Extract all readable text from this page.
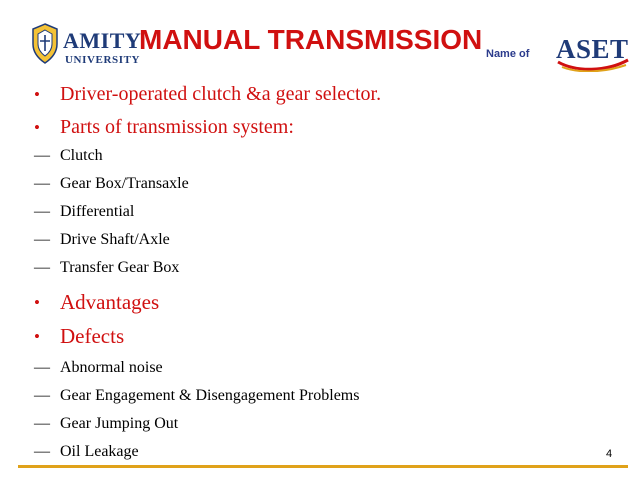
AMITY
UNIVERSITY
MANUAL TRANSMISSION Name of ASET
• Driver-operated clutch &a gear selector.
• Parts of transmission system:
— Clutch
— Gear Box/Transaxle
— Differential
— Drive Shaft/Axle
— Transfer Gear Box
• Advantages
• Defects
— Abnormal noise
— Gear Engagement & Disengagement Problems
— Gear Jumping Out
— Oil Leakage	4
